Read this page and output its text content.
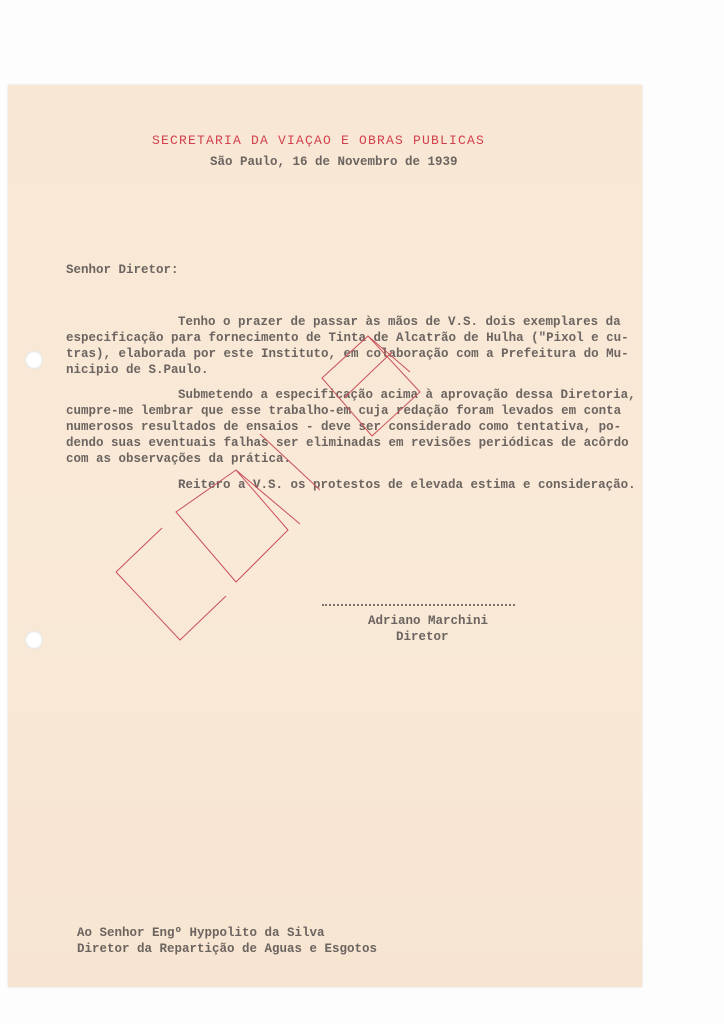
SECRETARIA DA VIAÇAO E OBRAS PUBLICAS
São Paulo, 16 de Novembro de 1939
Senhor Diretor:
Tenho o prazer de passar às mãos de V.S. dois exemplares da
especificação para fornecimento de Tinta de Alcatrão de Hulha ("Pixol e cu-
tras), elaborada por este Instituto, em colaboração com a Prefeitura do Mu-
nicipio de S.Paulo.
Submetendo a especificação acima à aprovação dessa Diretoria,
cumpre-me lembrar que esse trabalho-em cuja redação foram levados em conta
numerosos resultados de ensaios - deve ser considerado como tentativa, po-
dendo suas eventuais falhas ser eliminadas em revisões periódicas de acôrdo
com as observações da prática.
Reitero a V.S. os protestos de elevada estima e consideração.
Adriano Marchini
Diretor
Ao Senhor Engº Hyppolito da Silva
Diretor da Repartição de Aguas e Esgotos
